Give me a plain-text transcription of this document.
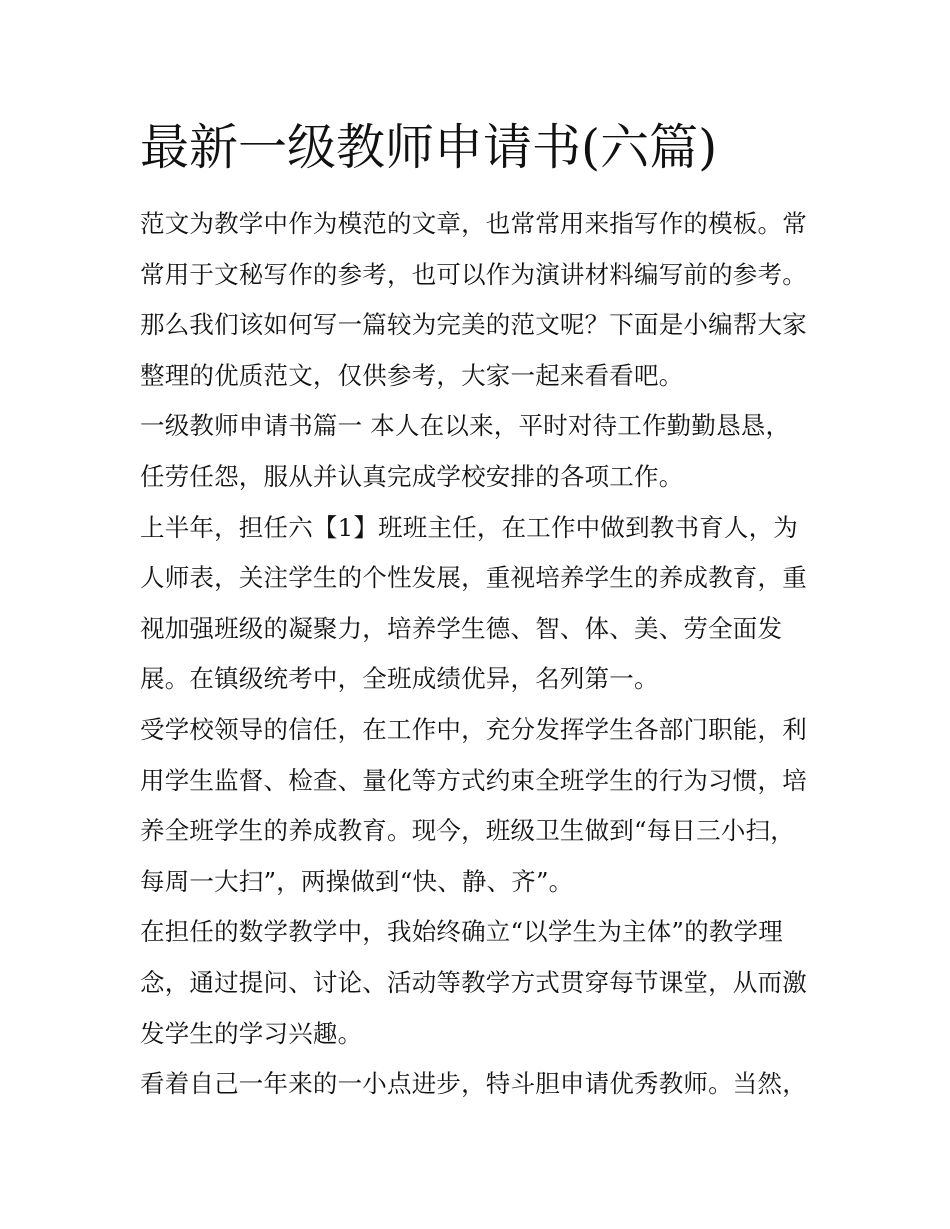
最新一级教师申请书(六篇)
范文为教学中作为模范的文章，也常常用来指写作的模板。常
常用于文秘写作的参考，也可以作为演讲材料编写前的参考。
那么我们该如何写一篇较为完美的范文呢？下面是小编帮大家
整理的优质范文，仅供参考，大家一起来看看吧。
一级教师申请书篇一 本人在以来，平时对待工作勤勤恳恳，
任劳任怨，服从并认真完成学校安排的各项工作。
上半年，担任六【1】班班主任，在工作中做到教书育人，为
人师表，关注学生的个性发展，重视培养学生的养成教育，重
视加强班级的凝聚力，培养学生德、智、体、美、劳全面发
展。在镇级统考中，全班成绩优异，名列第一。
受学校领导的信任，在工作中，充分发挥学生各部门职能，利
用学生监督、检查、量化等方式约束全班学生的行为习惯，培
养全班学生的养成教育。现今，班级卫生做到“每日三小扫，
每周一大扫”，两操做到“快、静、齐”。
在担任的数学教学中，我始终确立“以学生为主体”的教学理
念，通过提问、讨论、活动等教学方式贯穿每节课堂，从而激
发学生的学习兴趣。
看着自己一年来的一小点进步，特斗胆申请优秀教师。当然，
